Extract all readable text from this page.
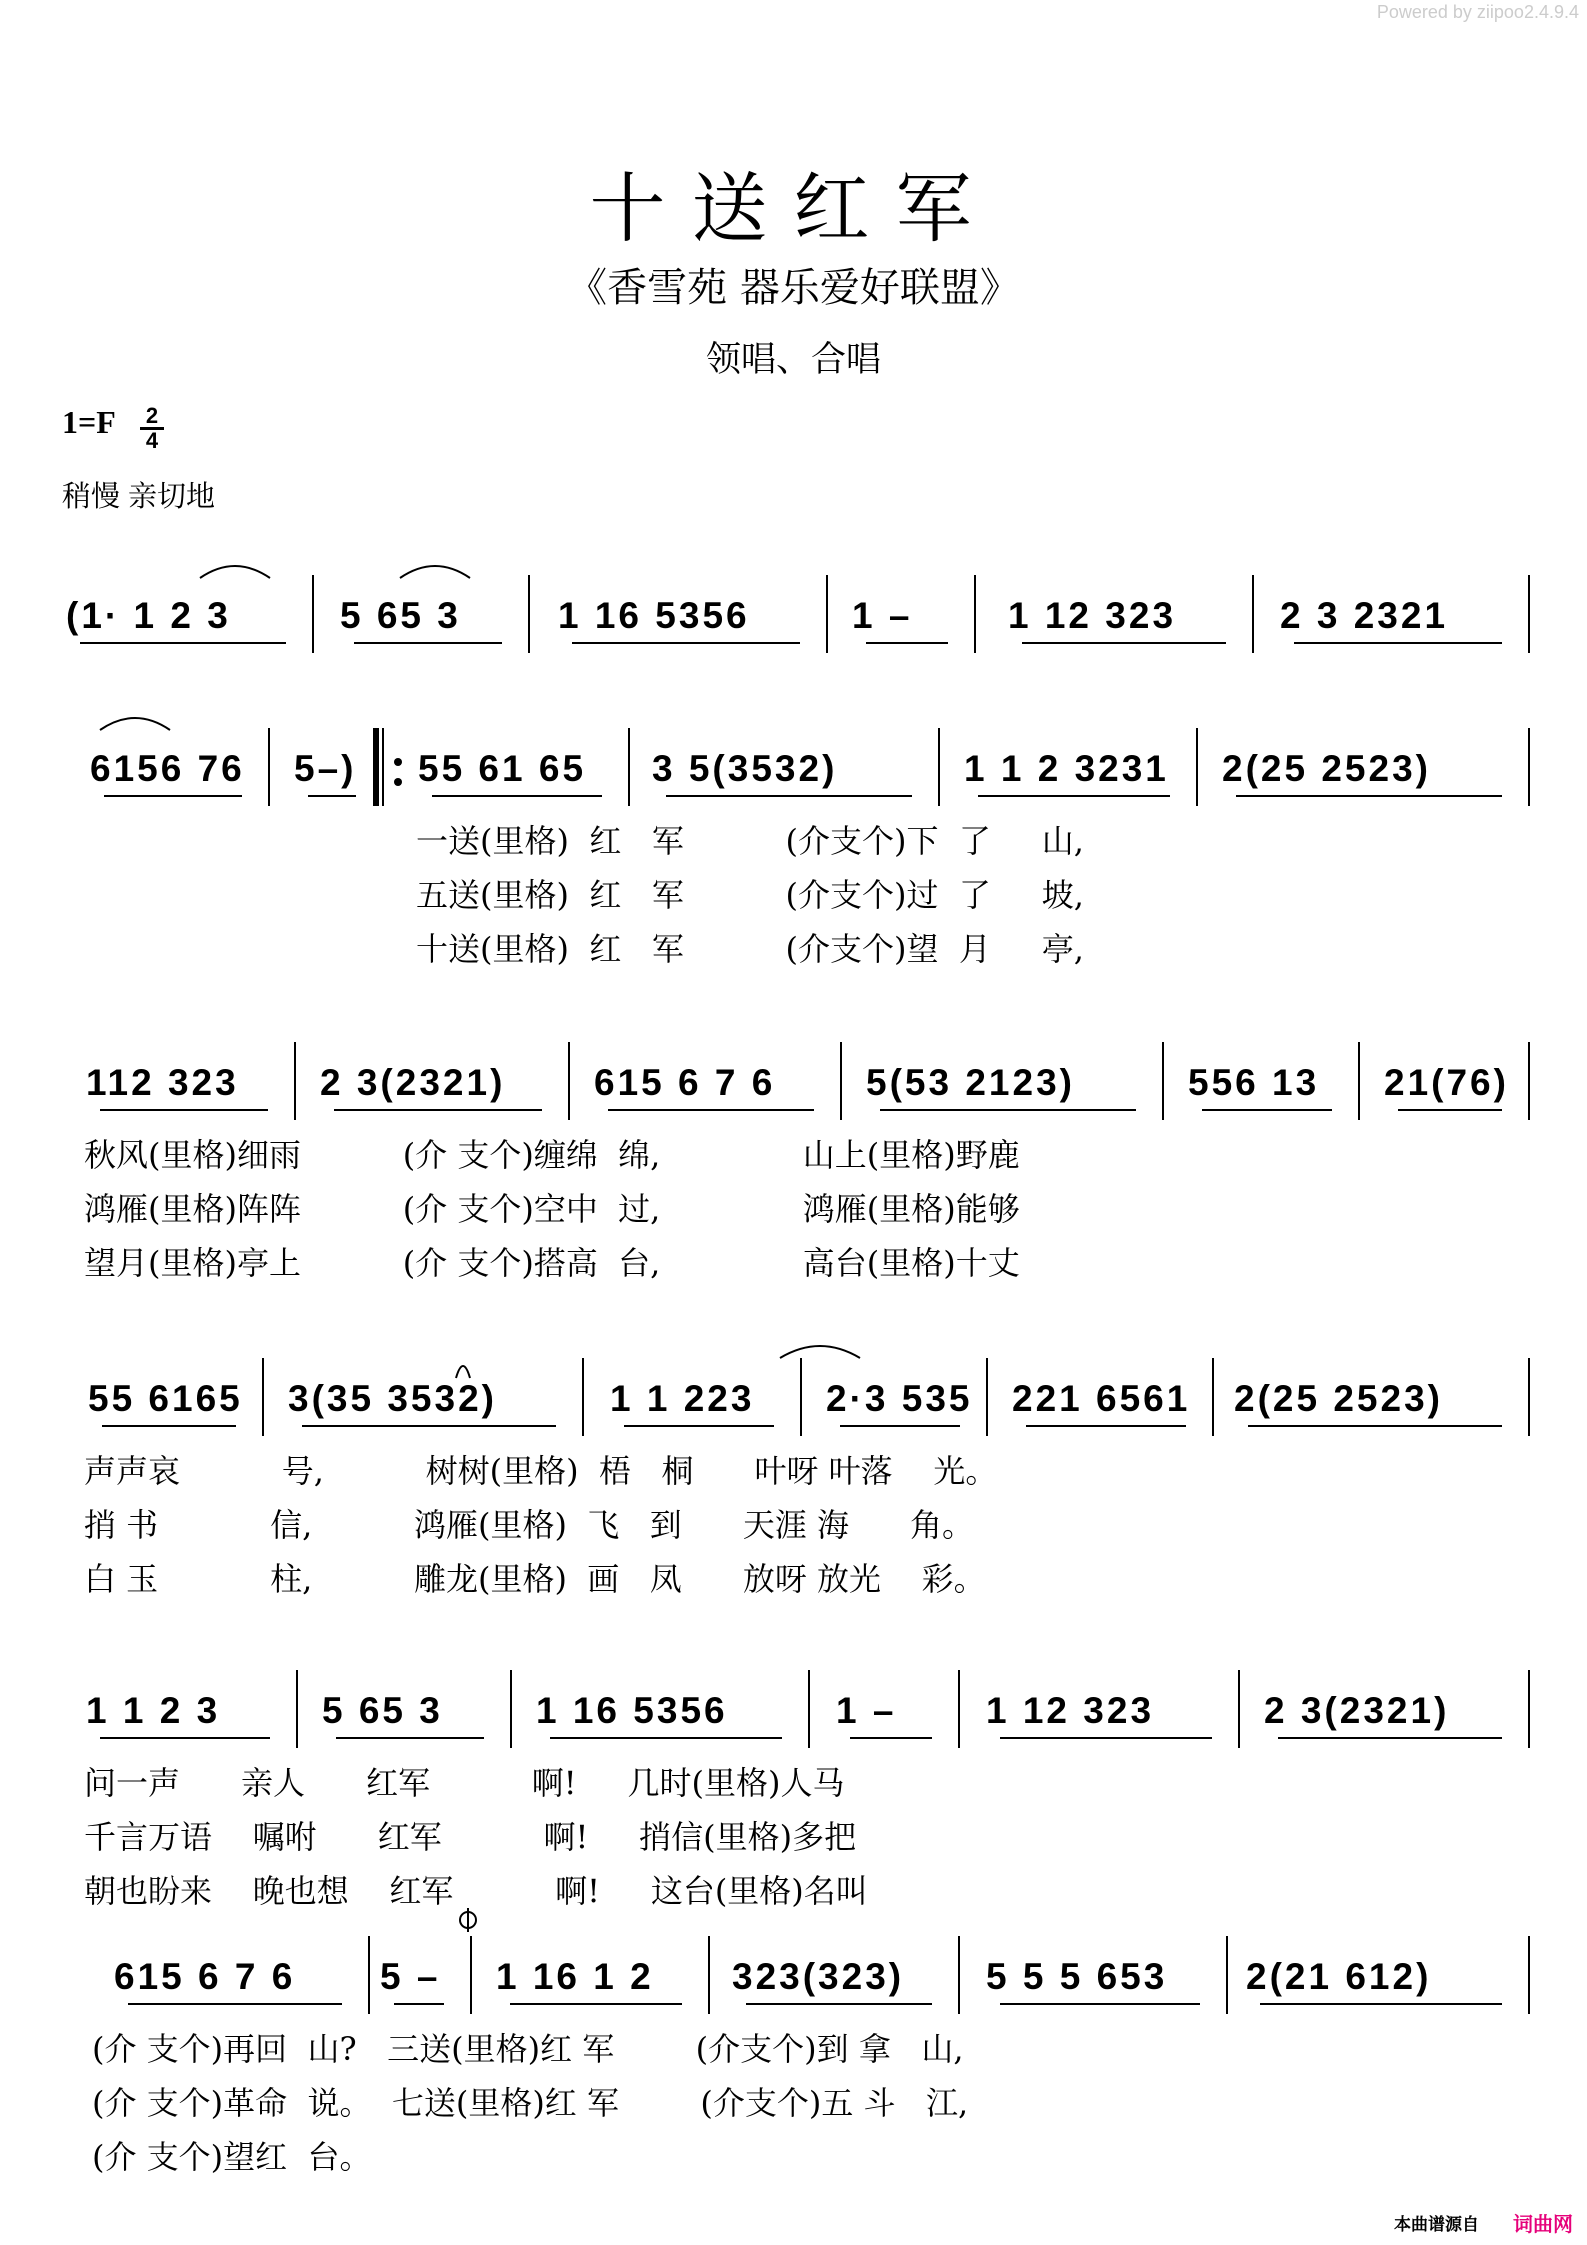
Powered by ziipoo2.4.9.4
十送红军
《香雪苑 器乐爱好联盟》
领唱、合唱
1=F 2
4
稍慢 亲切地
(1· 1 2 3	5 65 3	1 16 5356	1 –	1 12 323	2 3 2321
6156 76 5–) 55 61 65 3 5(3532)	1 1 2 3231 2(25 2523)
一送(里格)  红   军          (介支个)下  了     山,
五送(里格)  红   军          (介支个)过  了     坡,
十送(里格)  红   军          (介支个)望  月     亭,
112 323 2 3(2321) 615 6 7 6 5(53 2123)	556 13 21(76)
秋风(里格)细雨          (介 支个)缠绵  绵,              山上(里格)野鹿
鸿雁(里格)阵阵          (介 支个)空中  过,              鸿雁(里格)能够
望月(里格)亭上          (介 支个)搭高  台,              高台(里格)十丈
55 6165 3(35 3532)	1 1 223 2·3 535 221 6561 2(25 2523)
声声哀          号,          树树(里格)  梧   桐      叶呀 叶落    光。
捎 书           信,          鸿雁(里格)  飞   到      天涯 海      角。
白 玉           柱,          雕龙(里格)  画   凤      放呀 放光    彩。
1 1 2 3	5 65 3	1 16 5356	1 – 1 12 323	2 3(2321)
问一声      亲人      红军          啊!     几时(里格)人马
千言万语    嘱咐      红军          啊!     捎信(里格)多把
朝也盼来    晚也想    红军          啊!     这台(里格)名叫
615 6 7 6 5 – 1 16 1 2 323(323) 5 5 5 653 2(21 612)
(介 支个)再回  山?   三送(里格)红 军        (介支个)到 拿   山,
(介 支个)革命  说。  七送(里格)红 军        (介支个)五 斗   江,
(介 支个)望红  台。
本曲谱源自 词曲网
